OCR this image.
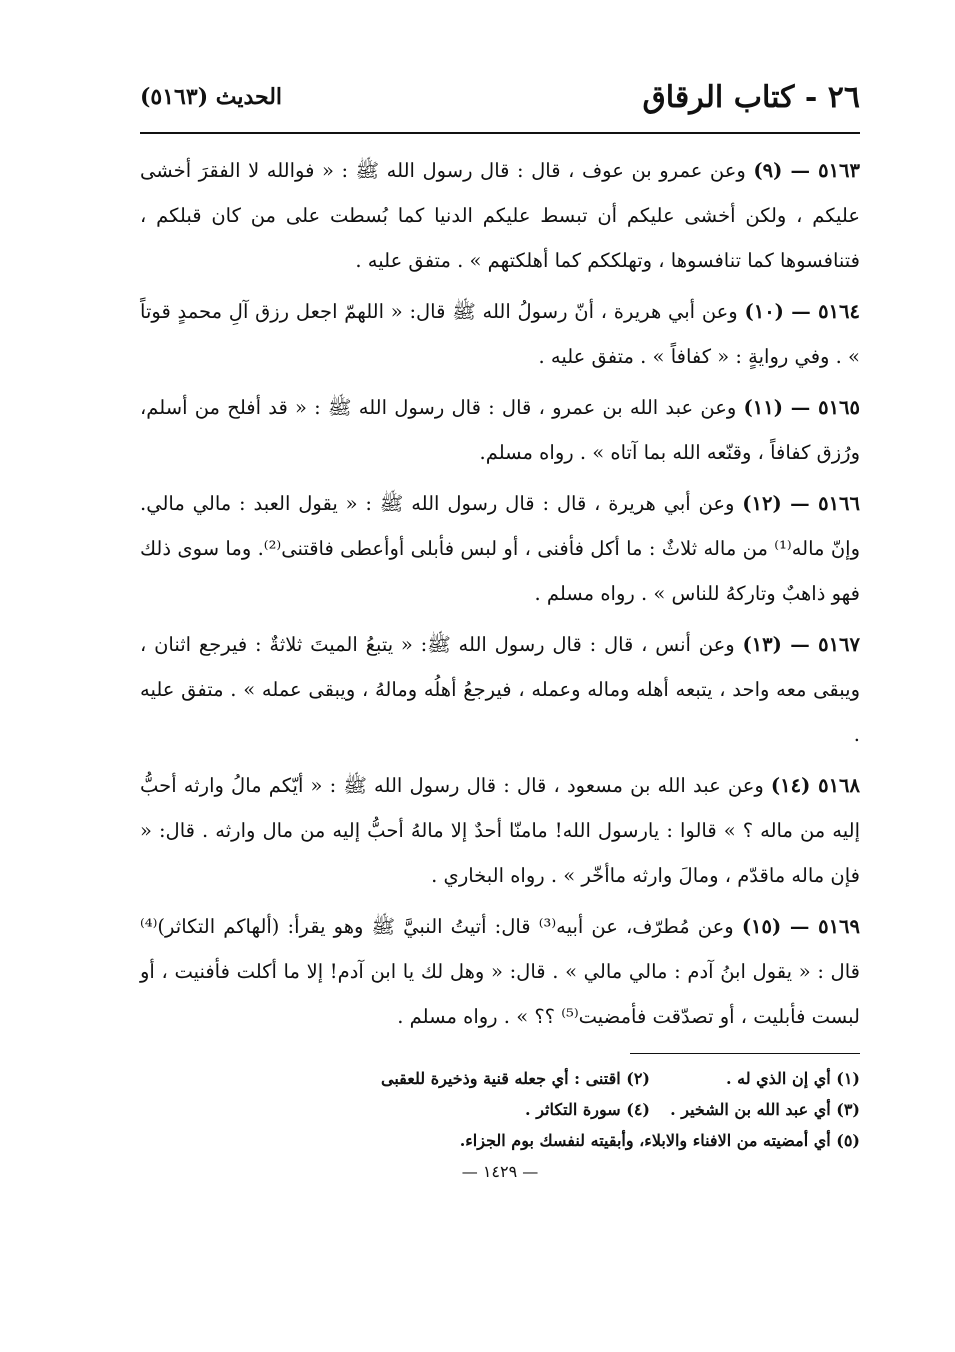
٢٦ - كتاب الرقاق
الحديث (٥١٦٣)

٥١٦٣ — (٩) وعن عمرو بن عوف ، قال : قال رسول الله ﷺ : « فوالله لا الفقرَ أخشى عليكم ، ولكن أخشى عليكم أن تبسط عليكم الدنيا كما بُسطت على من كان قبلكم ، فتنافسوها كما تنافسوها ، وتهلككم كما أهلكتهم » . متفق عليه .

٥١٦٤ — (١٠) وعن أبي هريرة ، أنّ رسولُ الله ﷺ قال: « اللهمّ اجعل رزق آلِ محمدٍ قوتاً » . وفي روايةٍ : « كفافاً » . متفق عليه .

٥١٦٥ — (١١) وعن عبد الله بن عمرو ، قال : قال رسول الله ﷺ : « قد أفلح من أسلم، ورُزق كفافاً ، وقنّعه الله بما آتاه » . رواه مسلم.

٥١٦٦ — (١٢) وعن أبي هريرة ، قال : قال رسول الله ﷺ : « يقول العبد : مالي مالي. وإنّ ماله⁽¹⁾ من ماله ثلاثٌ : ما أكل فأفنى ، أو لبس فأبلى أوأعطى فاقتنى⁽²⁾. وما سوى ذلك فهو ذاهبٌ وتاركهُ للناس » . رواه مسلم .

٥١٦٧ — (١٣) وعن أنس ، قال : قال رسول الله ﷺ: « يتبعُ الميتَ ثلاثةٌ : فيرجع اثنان ، ويبقى معه واحد ، يتبعه أهله وماله وعمله ، فيرجعُ أهلُه ومالهُ ، ويبقى عمله » . متفق عليه .

٥١٦٨ (١٤) وعن عبد الله بن مسعود ، قال : قال رسول الله ﷺ : « أيّكم مالُ وارثه أحبُّ إليه من ماله ؟ » قالوا : يارسول الله! مامنّا أحدٌ إلا مالهُ أحبُّ إليه من مال وارثه . قال: « فإن ماله ماقدّم ، ومالَ وارثه ماأخّر » . رواه البخاري .

٥١٦٩ — (١٥) وعن مُطرّف، عن أبيه⁽³⁾ قال: أتيتُ النبيَّ ﷺ وهو يقرأ: (ألهاكم التكاثر)⁽⁴⁾ قال : « يقول ابنُ آدم : مالي مالي » . قال: « وهل لك يا ابن آدم! إلا ما أكلت فأفنيت ، أو لبست فأبليت ، أو تصدّقت فأمضيت⁽⁵⁾ ؟؟ » . رواه مسلم .

(١) أي إن الذي له .
(٢) اقتنى : أي جعله قنية وذخيرة للعقبى
(٣) أي عبد الله بن الشخير .
(٤) سورة التكاثر .
(٥) أي أمضيته من الافناء والابلاء، وأبقيته لنفسك بوم الجزاء.
— ١٤٢٩ —
